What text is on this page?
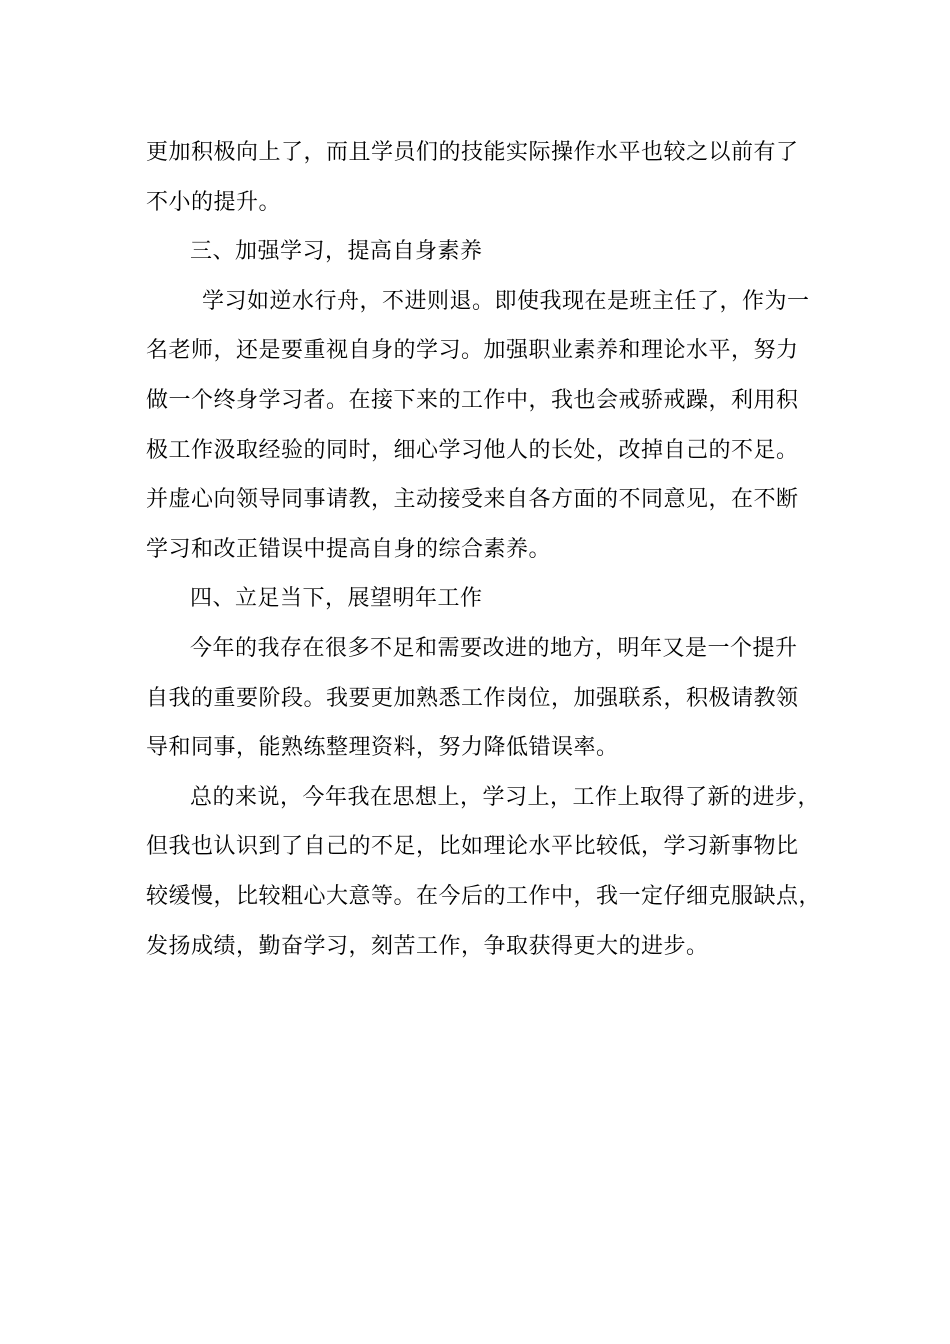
更加积极向上了，而且学员们的技能实际操作水平也较之以前有了

不小的提升。

三、加强学习，提高自身素养

学习如逆水行舟，不进则退。即使我现在是班主任了，作为一

名老师，还是要重视自身的学习。加强职业素养和理论水平，努力

做一个终身学习者。在接下来的工作中，我也会戒骄戒躁，利用积

极工作汲取经验的同时，细心学习他人的长处，改掉自己的不足。

并虚心向领导同事请教，主动接受来自各方面的不同意见，在不断

学习和改正错误中提高自身的综合素养。

四、立足当下，展望明年工作

今年的我存在很多不足和需要改进的地方，明年又是一个提升

自我的重要阶段。我要更加熟悉工作岗位，加强联系，积极请教领

导和同事，能熟练整理资料，努力降低错误率。

总的来说，今年我在思想上，学习上，工作上取得了新的进步，

但我也认识到了自己的不足，比如理论水平比较低，学习新事物比

较缓慢，比较粗心大意等。在今后的工作中，我一定仔细克服缺点，

发扬成绩，勤奋学习，刻苦工作，争取获得更大的进步。
